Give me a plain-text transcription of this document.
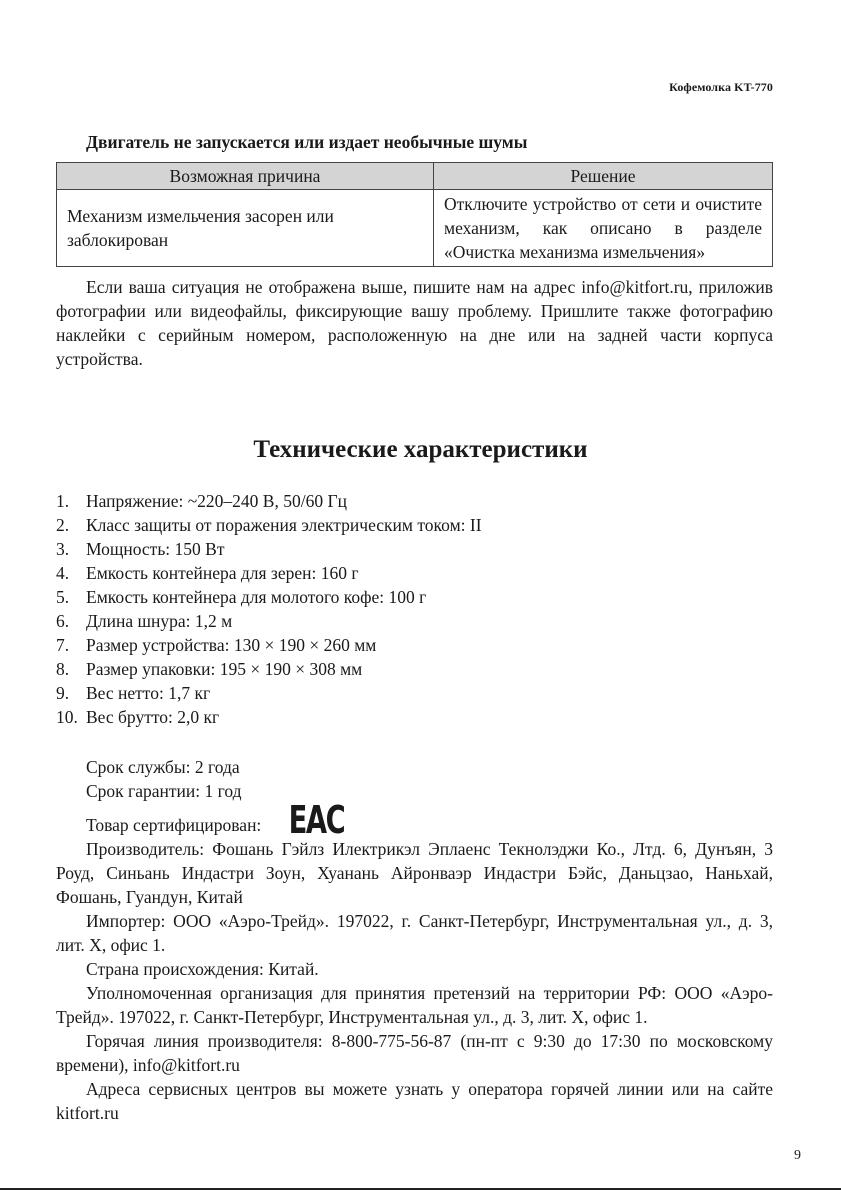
Кофемолка KT-770
Двигатель не запускается или издает необычные шумы
Возможная причина	Решение
Механизм измельчения засорен или заблокирован	Отключите устройство от сети и очистите механизм, как описано в разделе «Очистка механизма измельчения»
Если ваша ситуация не отображена выше, пишите нам на адрес info@kitfort.ru, приложив фотографии или видеофайлы, фиксирующие вашу проблему. Пришлите также фотографию наклейки с серийным номером, расположенную на дне или на задней части корпуса устройства.
Технические характеристики
1. Напряжение: ~220–240 В, 50/60 Гц
2. Класс защиты от поражения электрическим током: II
3. Мощность: 150 Вт
4. Емкость контейнера для зерен: 160 г
5. Емкость контейнера для молотого кофе: 100 г
6. Длина шнура: 1,2 м
7. Размер устройства: 130 × 190 × 260 мм
8. Размер упаковки: 195 × 190 × 308 мм
9. Вес нетто: 1,7 кг
10. Вес брутто: 2,0 кг
Срок службы: 2 года
Срок гарантии: 1 год
Товар сертифицирован: EAC
Производитель: Фошань Гэйлз Илектрикэл Эплаенс Текнолэджи Ко., Лтд. 6, Дунъян, 3 Роуд, Синьань Индастри Зоун, Хуанань Айронваэр Индастри Бэйс, Даньцзао, Наньхай, Фошань, Гуандун, Китай
Импортер: ООО «Аэро-Трейд». 197022, г. Санкт-Петербург, Инструментальная ул., д. 3, лит. Х, офис 1.
Страна происхождения: Китай.
Уполномоченная организация для принятия претензий на территории РФ: ООО «Аэро-Трейд». 197022, г. Санкт-Петербург, Инструментальная ул., д. 3, лит. Х, офис 1.
Горячая линия производителя: 8-800-775-56-87 (пн-пт с 9:30 до 17:30 по московскому времени), info@kitfort.ru
Адреса сервисных центров вы можете узнать у оператора горячей линии или на сайте kitfort.ru
9
